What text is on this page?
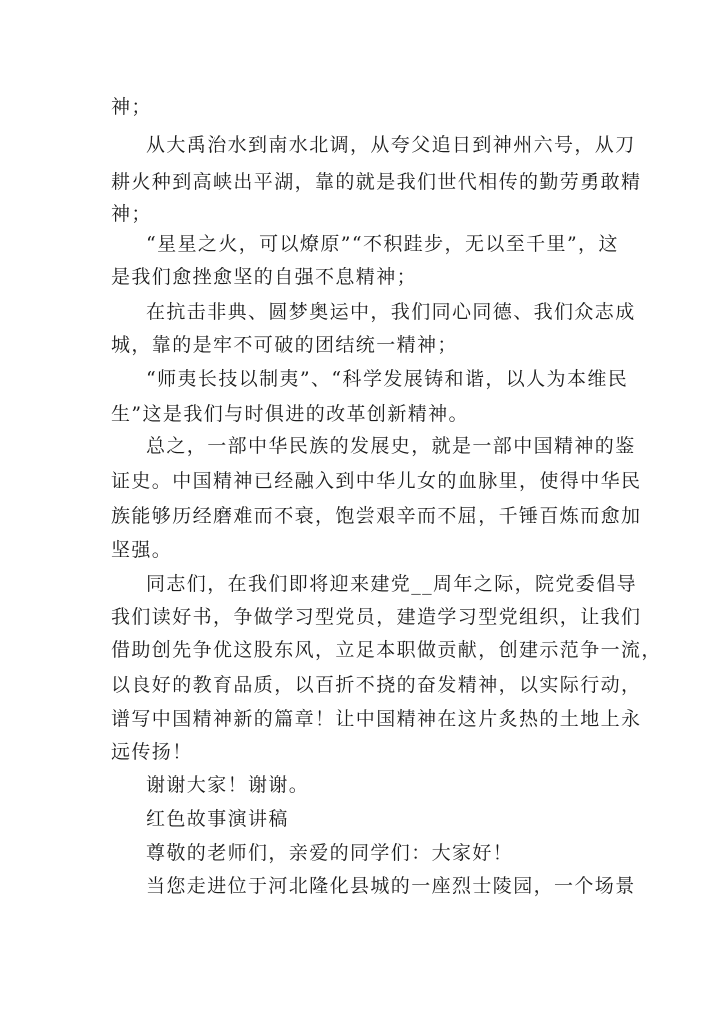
神；
从大禹治水到南水北调，从夸父追日到神州六号，从刀
耕火种到高峡出平湖，靠的就是我们世代相传的勤劳勇敢精
神；
“星星之火，可以燎原”“不积跬步，无以至千里”，这
是我们愈挫愈坚的自强不息精神；
在抗击非典、圆梦奥运中，我们同心同德、我们众志成
城，靠的是牢不可破的团结统一精神；
“师夷长技以制夷”、“科学发展铸和谐，以人为本维民
生”这是我们与时俱进的改革创新精神。
总之，一部中华民族的发展史，就是一部中国精神的鉴
证史。中国精神已经融入到中华儿女的血脉里，使得中华民
族能够历经磨难而不衰，饱尝艰辛而不屈，千锤百炼而愈加
坚强。
同志们，在我们即将迎来建党__周年之际，院党委倡导
我们读好书，争做学习型党员，建造学习型党组织，让我们
借助创先争优这股东风，立足本职做贡献，创建示范争一流，
以良好的教育品质，以百折不挠的奋发精神，以实际行动，
谱写中国精神新的篇章！让中国精神在这片炙热的土地上永
远传扬！
谢谢大家！谢谢。
红色故事演讲稿
尊敬的老师们，亲爱的同学们：大家好！
当您走进位于河北隆化县城的一座烈士陵园，一个场景
